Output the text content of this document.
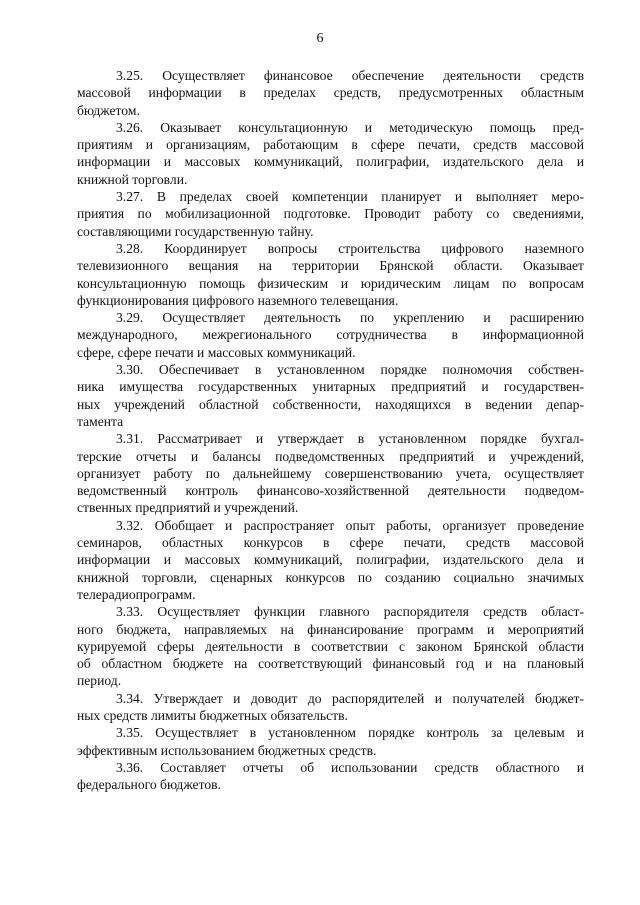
6
3.25. Осуществляет финансовое обеспечение деятельности средств
массовой информации в пределах средств, предусмотренных областным
бюджетом.
3.26. Оказывает консультационную и методическую помощь пред-
приятиям и организациям, работающим в сфере печати, средств массовой
информации и массовых коммуникаций, полиграфии, издательского дела и
книжной торговли.
3.27. В пределах своей компетенции планирует и выполняет меро-
приятия по мобилизационной подготовке. Проводит работу со сведениями,
составляющими государственную тайну.
3.28. Координирует вопросы строительства цифрового наземного
телевизионного вещания на территории Брянской области. Оказывает
консультационную помощь физическим и юридическим лицам по вопросам
функционирования цифрового наземного телевещания.
3.29. Осуществляет деятельность по укреплению и расширению
международного, межрегионального сотрудничества в информационной
сфере, сфере печати и массовых коммуникаций.
3.30. Обеспечивает в установленном порядке полномочия собствен-
ника имущества государственных унитарных предприятий и государствен-
ных учреждений областной собственности, находящихся в ведении депар-
тамента
3.31. Рассматривает и утверждает в установленном порядке бухгал-
терские отчеты и балансы подведомственных предприятий и учреждений,
организует работу по дальнейшему совершенствованию учета, осуществляет
ведомственный контроль финансово-хозяйственной деятельности подведом-
ственных предприятий и учреждений.
3.32. Обобщает и распространяет опыт работы, организует проведение
семинаров, областных конкурсов в сфере печати, средств массовой
информации и массовых коммуникаций, полиграфии, издательского дела и
книжной торговли, сценарных конкурсов по созданию социально значимых
телерадиопрограмм.
3.33. Осуществляет функции главного распорядителя средств област-
ного бюджета, направляемых на финансирование программ и мероприятий
курируемой сферы деятельности в соответствии с законом Брянской области
об областном бюджете на соответствующий финансовый год и на плановый
период.
3.34. Утверждает и доводит до распорядителей и получателей бюджет-
ных средств лимиты бюджетных обязательств.
3.35. Осуществляет в установленном порядке контроль за целевым и
эффективным использованием бюджетных средств.
3.36. Составляет отчеты об использовании средств областного и
федерального бюджетов.
